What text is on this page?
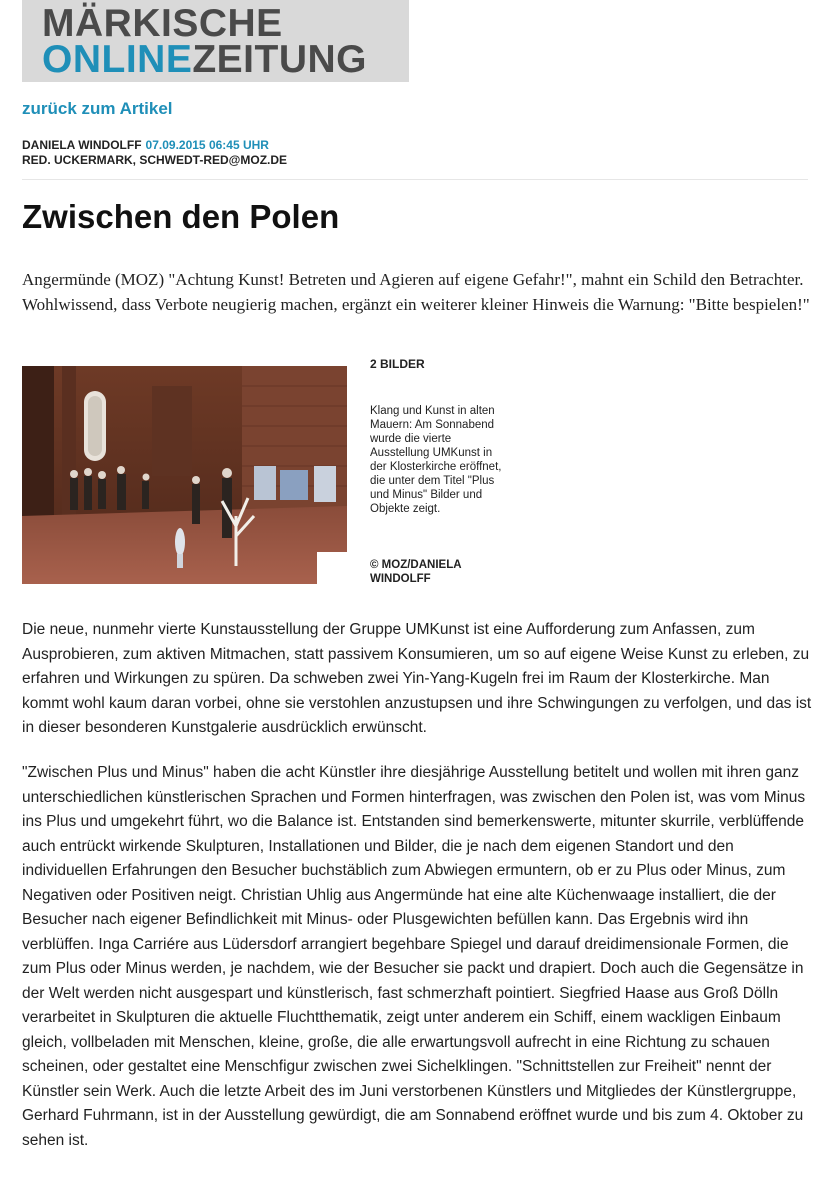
MÄRKISCHE
ONLINEZEITUNG
zurück zum Artikel
DANIELA WINDOLFF 07.09.2015 06:45 UHR
RED. UCKERMARK, SCHWEDT-RED@MOZ.DE
Zwischen den Polen

Angermünde (MOZ) "Achtung Kunst! Betreten und Agieren auf eigene Gefahr!", mahnt ein Schild den Betrachter. Wohlwissend, dass Verbote neugierig machen, ergänzt ein weiterer kleiner Hinweis die Warnung: "Bitte bespielen!"

2 BILDER

Klang und Kunst in alten Mauern: Am Sonnabend wurde die vierte Ausstellung UMKunst in der Klosterkirche eröffnet, die unter dem Titel "Plus und Minus" Bilder und Objekte zeigt.

© MOZ/DANIELA WINDOLFF

Die neue, nunmehr vierte Kunstausstellung der Gruppe UMKunst ist eine Aufforderung zum Anfassen, zum Ausprobieren, zum aktiven Mitmachen, statt passivem Konsumieren, um so auf eigene Weise Kunst zu erleben, zu erfahren und Wirkungen zu spüren. Da schweben zwei Yin-Yang-Kugeln frei im Raum der Klosterkirche. Man kommt wohl kaum daran vorbei, ohne sie verstohlen anzustupsen und ihre Schwingungen zu verfolgen, und das ist in dieser besonderen Kunstgalerie ausdrücklich erwünscht.

"Zwischen Plus und Minus" haben die acht Künstler ihre diesjährige Ausstellung betitelt und wollen mit ihren ganz unterschiedlichen künstlerischen Sprachen und Formen hinterfragen, was zwischen den Polen ist, was vom Minus ins Plus und umgekehrt führt, wo die Balance ist. Entstanden sind bemerkenswerte, mitunter skurrile, verblüffende auch entrückt wirkende Skulpturen, Installationen und Bilder, die je nach dem eigenen Standort und den individuellen Erfahrungen den Besucher buchstäblich zum Abwiegen ermuntern, ob er zu Plus oder Minus, zum Negativen oder Positiven neigt. Christian Uhlig aus Angermünde hat eine alte Küchenwaage installiert, die der Besucher nach eigener Befindlichkeit mit Minus- oder Plusgewichten befüllen kann. Das Ergebnis wird ihn verblüffen. Inga Carriére aus Lüdersdorf arrangiert begehbare Spiegel und darauf dreidimensionale Formen, die zum Plus oder Minus werden, je nachdem, wie der Besucher sie packt und drapiert. Doch auch die Gegensätze in der Welt werden nicht ausgespart und künstlerisch, fast schmerzhaft pointiert. Siegfried Haase aus Groß Dölln verarbeitet in Skulpturen die aktuelle Fluchtthematik, zeigt unter anderem ein Schiff, einem wackligen Einbaum gleich, vollbeladen mit Menschen, kleine, große, die alle erwartungsvoll aufrecht in eine Richtung zu schauen scheinen, oder gestaltet eine Menschfigur zwischen zwei Sichelklingen. "Schnittstellen zur Freiheit" nennt der Künstler sein Werk. Auch die letzte Arbeit des im Juni verstorbenen Künstlers und Mitgliedes der Künstlergruppe, Gerhard Fuhrmann, ist in der Ausstellung gewürdigt, die am Sonnabend eröffnet wurde und bis zum 4. Oktober zu sehen ist.
